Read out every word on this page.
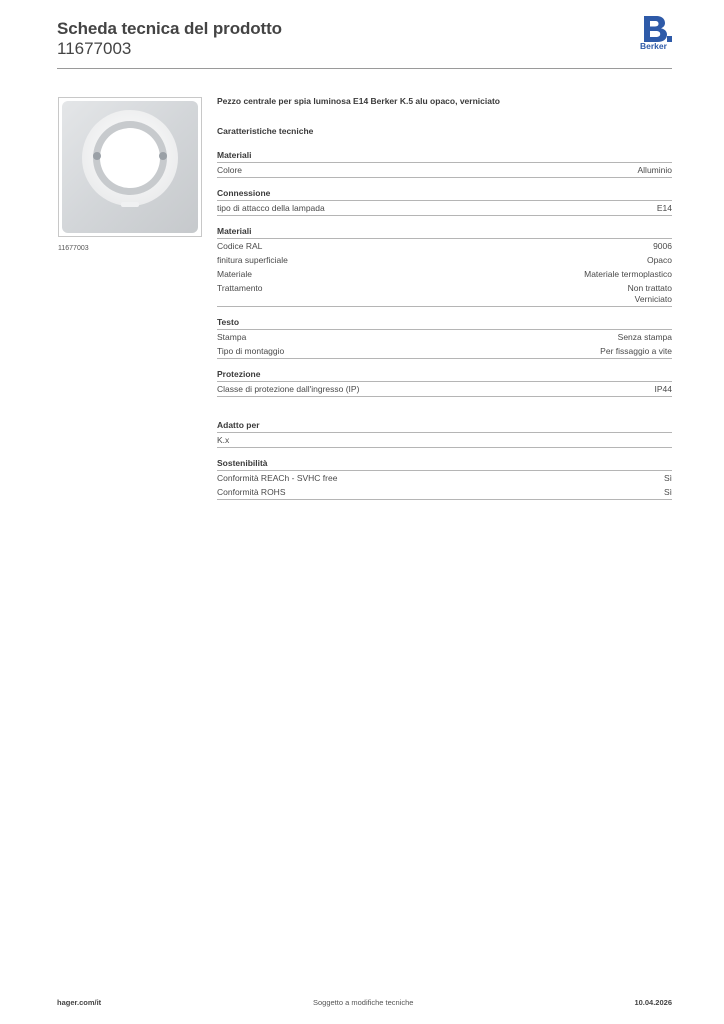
Scheda tecnica del prodotto
11677003	Berker
11677003
Pezzo centrale per spia luminosa E14 Berker K.5 alu opaco, verniciato
Caratteristiche tecniche
Materiali
Colore	Alluminio
Connessione
tipo di attacco della lampada	E14
Materiali
Codice RAL	9006
finitura superficiale	Opaco
Materiale	Materiale termoplastico
Trattamento	Non trattato
Verniciato
Testo
Stampa	Senza stampa
Tipo di montaggio	Per fissaggio a vite
Protezione
Classe di protezione dall'ingresso (IP)	IP44
Adatto per
K.x
Sostenibilità
Conformità REACh - SVHC free	Sì
Conformità ROHS	Sì
hager.com/it	Soggetto a modifiche tecniche	10.04.2026
